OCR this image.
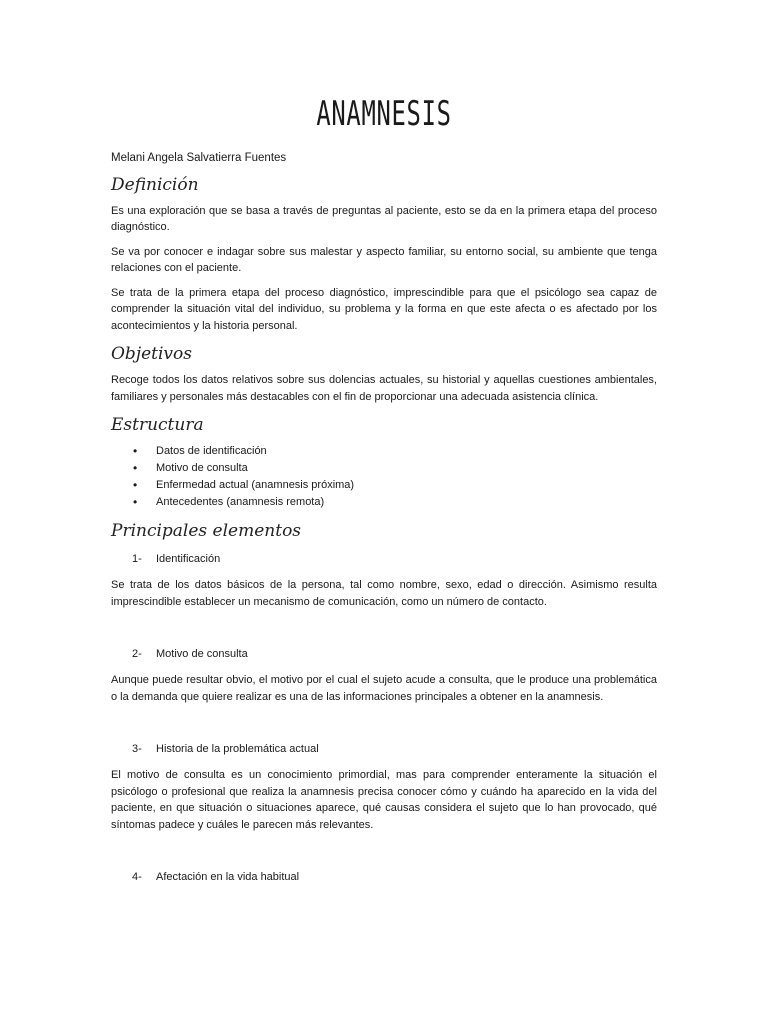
ANAMNESIS

Melani Angela Salvatierra Fuentes

Definición

Es una exploración que se basa a través de preguntas al paciente, esto se da en la primera etapa del proceso diagnóstico.

Se va por conocer e indagar sobre sus malestar y aspecto familiar, su entorno social, su ambiente que tenga relaciones con el paciente.

Se trata de la primera etapa del proceso diagnóstico, imprescindible para que el psicólogo sea capaz de comprender la situación vital del individuo, su problema y la forma en que este afecta o es afectado por los acontecimientos y la historia personal.

Objetivos

Recoge todos los datos relativos sobre sus dolencias actuales, su historial y aquellas cuestiones ambientales, familiares y personales más destacables con el fin de proporcionar una adecuada asistencia clínica.

Estructura
• Datos de identificación
• Motivo de consulta
• Enfermedad actual (anamnesis próxima)
• Antecedentes (anamnesis remota)
Principales elementos
1-	Identificación

Se trata de los datos básicos de la persona, tal como nombre, sexo, edad o dirección. Asimismo resulta imprescindible establecer un mecanismo de comunicación, como un número de contacto.

2-	Motivo de consulta

Aunque puede resultar obvio, el motivo por el cual el sujeto acude a consulta, que le produce una problemática o la demanda que quiere realizar es una de las informaciones principales a obtener en la anamnesis.

3-	Historia de la problemática actual

El motivo de consulta es un conocimiento primordial, mas para comprender enteramente la situación el psicólogo o profesional que realiza la anamnesis precisa conocer cómo y cuándo ha aparecido en la vida del paciente, en que situación o situaciones aparece, qué causas considera el sujeto que lo han provocado, qué síntomas padece y cuáles le parecen más relevantes.

4-	Afectación en la vida habitual
